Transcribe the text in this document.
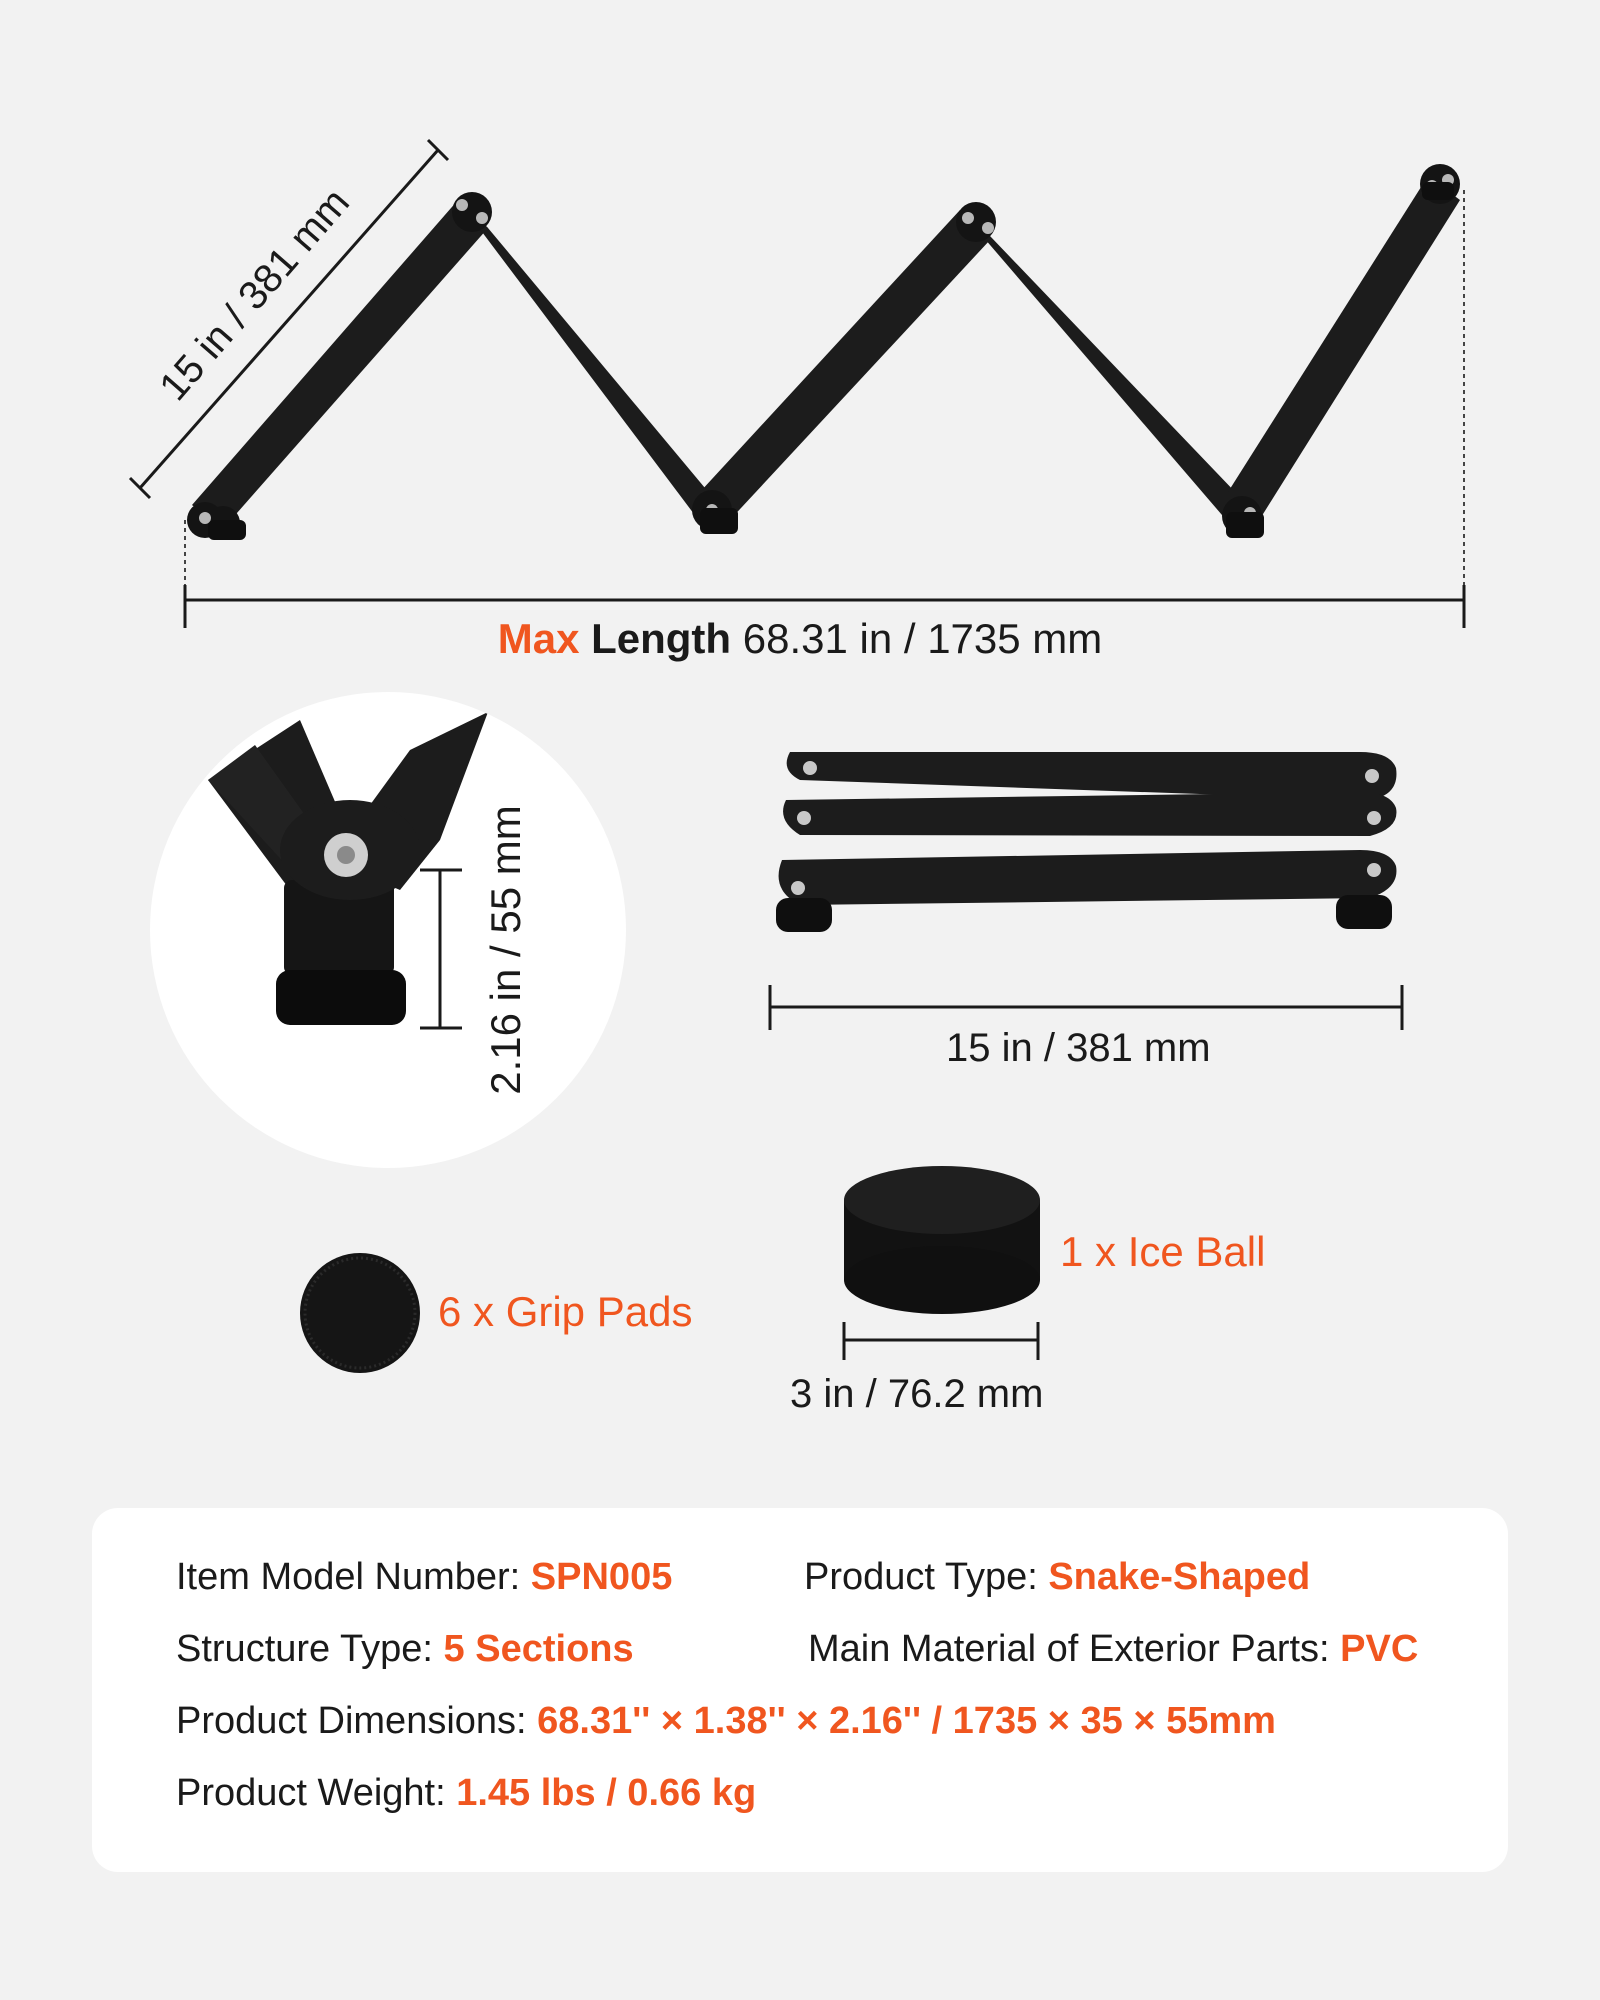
15 in / 381 mm
Max Length 68.31 in / 1735 mm
2.16 in / 55 mm	15 in / 381 mm
6 x Grip Pads
1 x Ice Ball
3 in / 76.2 mm
Item Model Number: SPN005	Product Type: Snake-Shaped
Structure Type: 5 Sections	Main Material of Exterior Parts: PVC
Product Dimensions: 68.31'' × 1.38'' × 2.16'' / 1735 × 35 × 55mm
Product Weight: 1.45 lbs / 0.66 kg
